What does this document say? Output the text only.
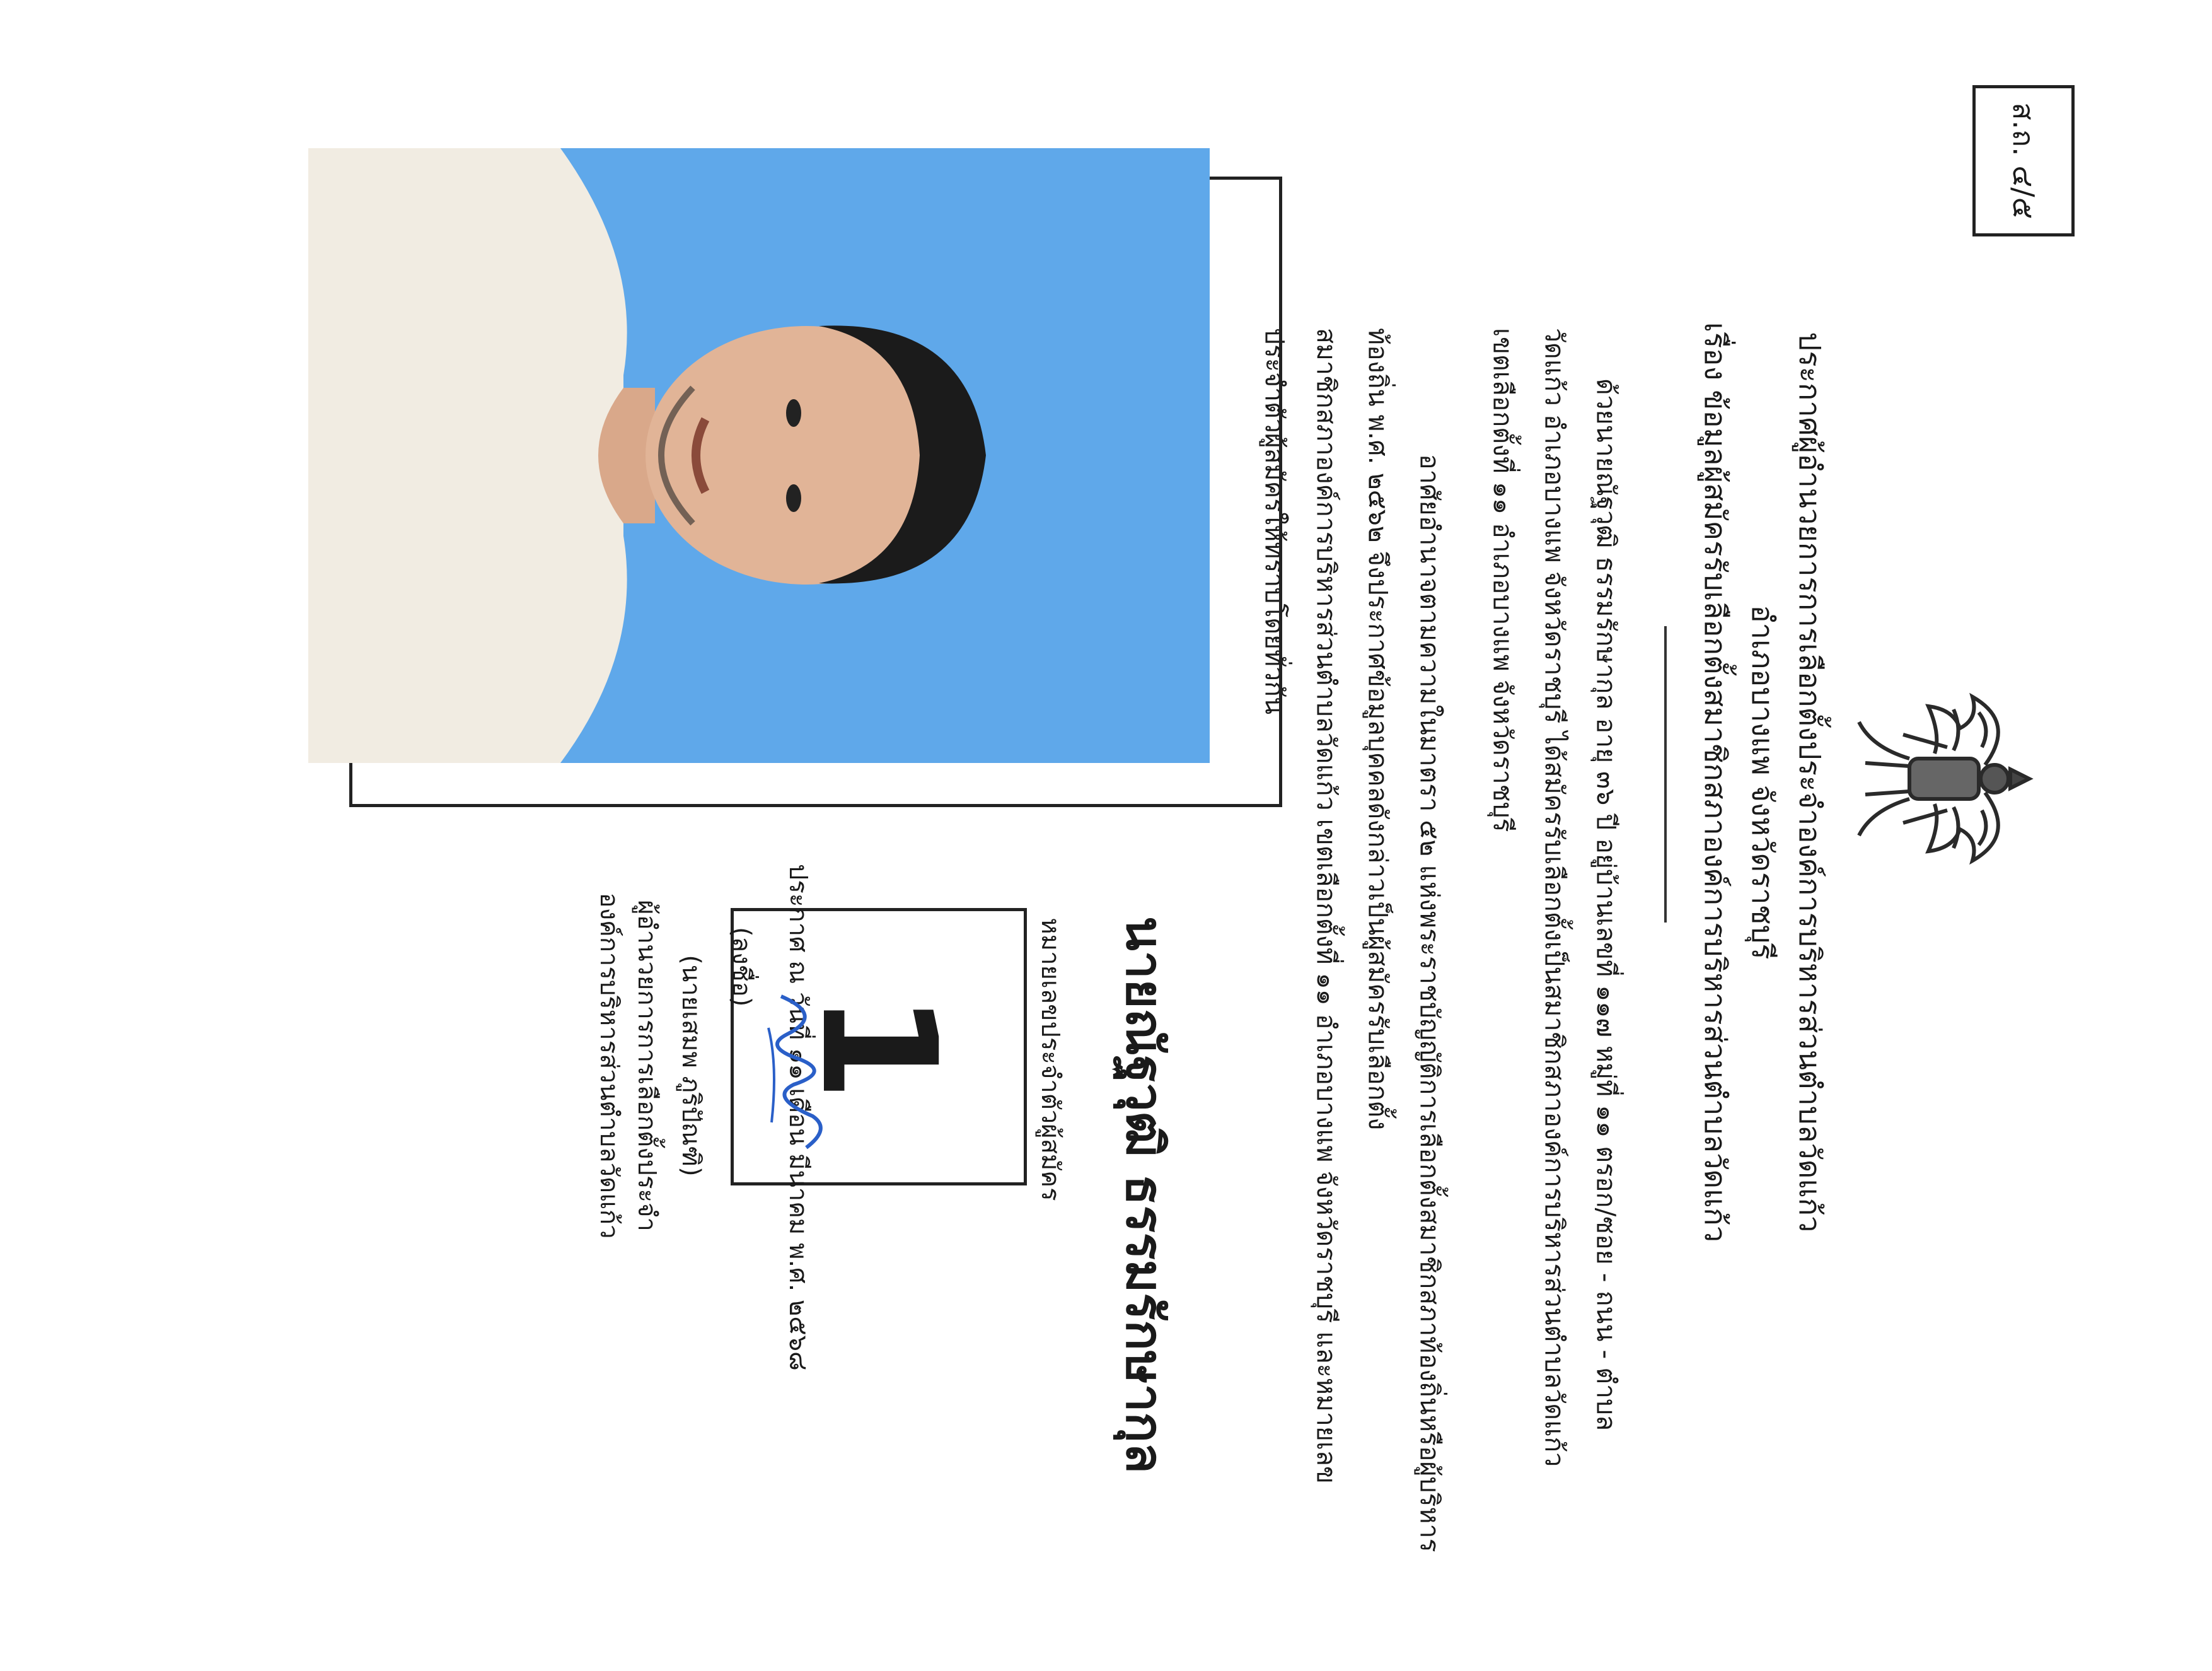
ส.ถ. ๔/๕
ประกาศผู้อำนวยการการเลือกตั้งประจำองค์การบริหารส่วนตำบลวัดแก้ว
อำเภอบางแพ จังหวัดราชบุรี
เรื่อง ข้อมูลผู้สมัครรับเลือกตั้งสมาชิกสภาองค์การบริหารส่วนตำบลวัดแก้ว
ด้วยนายณัฐวุฒิ ธรรมรักษากุล อายุ ๓๖ ปี อยู่บ้านเลขที่ ๑๑๗ หมู่ที่ ๑๑ ตรอก/ซอย - ถนน - ตำบล
วัดแก้ว อำเภอบางแพ จังหวัดราชบุรี ได้สมัครรับเลือกตั้งเป็นสมาชิกสภาองค์การบริหารส่วนตำบลวัดแก้ว
เขตเลือกตั้งที่ ๑๑ อำเภอบางแพ จังหวัดราชบุรี
อาศัยอำนาจตามความในมาตรา ๕๒ แห่งพระราชบัญญัติการเลือกตั้งสมาชิกสภาท้องถิ่นหรือผู้บริหาร
ท้องถิ่น พ.ศ. ๒๕๖๒ จึงประกาศข้อมูลบุคคลดังกล่าวเป็นผู้สมัครรับเลือกตั้ง
สมาชิกสภาองค์การบริหารส่วนตำบลวัดแก้ว เขตเลือกตั้งที่ ๑๑ อำเภอบางแพ จังหวัดราชบุรี และหมายเลข
ประจำตัวผู้สมัครให้ทราบโดยทั่วกัน
นายณัฐวุฒิ ธรรมรักษากุล
หมายเลขประจำตัวผู้สมัคร
1
ประกาศ ณ วันที่ ๑๑ เดือน มีนาคม พ.ศ. ๒๕๖๘
(ลงชื่อ)
(นายเสมพ ภูริปัณฑิ)
ผู้อำนวยการการเลือกตั้งประจำ
องค์การบริหารส่วนตำบลวัดแก้ว
